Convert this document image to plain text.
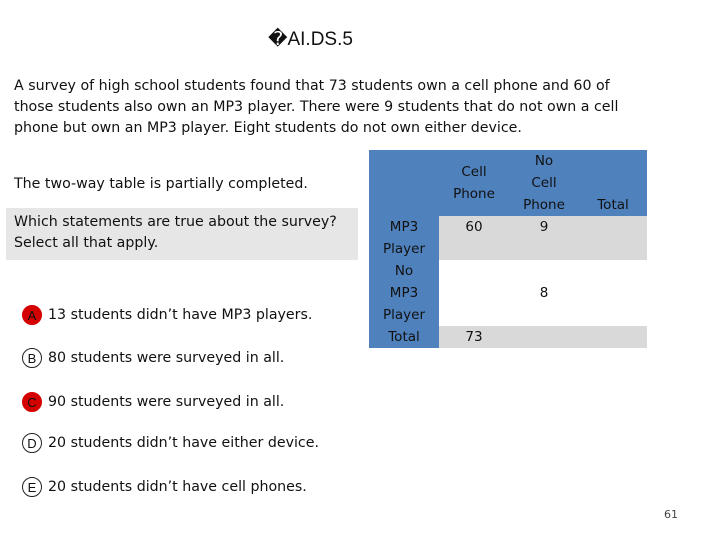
�AI.DS.5
A survey of high school students found that 73 students own a cell phone and 60 of
those students also own an MP3 player. There were 9 students that do not own a cell
phone but own an MP3 player. Eight students do not own either device.
The two-way table is partially completed.
Which statements are true about the survey?
Select all that apply.
A 13 students didn’t have MP3 players.
B 80 students were surveyed in all.
C 90 students were surveyed in all.
D 20 students didn’t have either device.
E 20 students didn’t have cell phones.
	Cell
Phone	No
Cell
Phone	Total
MP3
Player	60	9	
No
MP3
Player		8	
Total	73		
61
